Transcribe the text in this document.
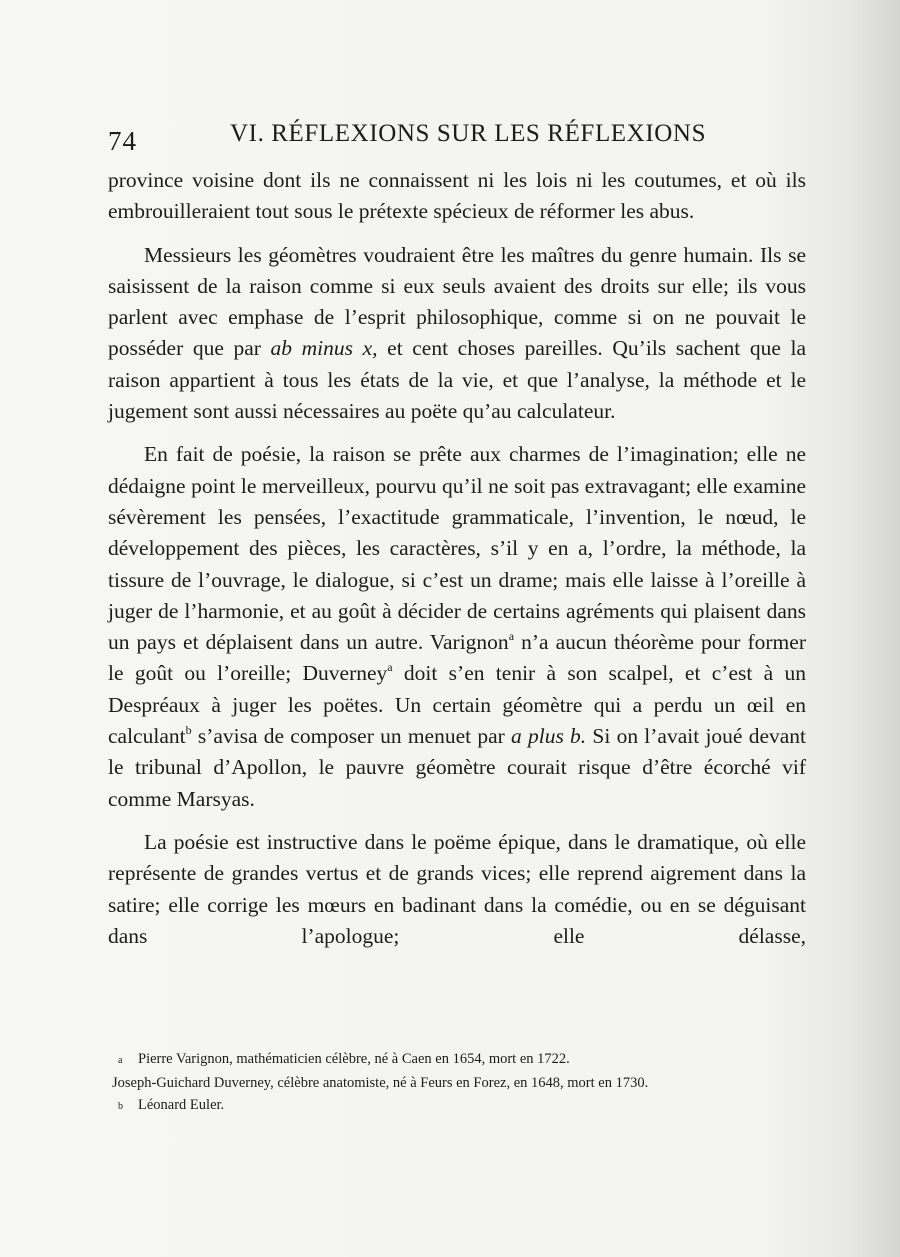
74	VI. RÉFLEXIONS SUR LES RÉFLEXIONS

province voisine dont ils ne connaissent ni les lois ni les coutumes, et où ils embrouilleraient tout sous le prétexte spécieux de réformer les abus.

Messieurs les géomètres voudraient être les maîtres du genre humain. Ils se saisissent de la raison comme si eux seuls avaient des droits sur elle; ils vous parlent avec emphase de l’esprit philosophique, comme si on ne pouvait le posséder que par ab minus x, et cent choses pareilles. Qu’ils sachent que la raison appartient à tous les états de la vie, et que l’analyse, la méthode et le jugement sont aussi nécessaires au poëte qu’au calculateur.

En fait de poésie, la raison se prête aux charmes de l’imagination; elle ne dédaigne point le merveilleux, pourvu qu’il ne soit pas extravagant; elle examine sévèrement les pensées, l’exactitude grammaticale, l’invention, le nœud, le développement des pièces, les caractères, s’il y en a, l’ordre, la méthode, la tissure de l’ouvrage, le dialogue, si c’est un drame; mais elle laisse à l’oreille à juger de l’harmonie, et au goût à décider de certains agréments qui plaisent dans un pays et déplaisent dans un autre. Varignon$^a$ n’a aucun théorème pour former le goût ou l’oreille; Duverney$^a$ doit s’en tenir à son scalpel, et c’est à un Despréaux à juger les poëtes. Un certain géomètre qui a perdu un œil en calculant$^b$ s’avisa de composer un menuet par a plus b. Si on l’avait joué devant le tribunal d’Apollon, le pauvre géomètre courait risque d’être écorché vif comme Marsyas.

La poésie est instructive dans le poëme épique, dans le dramatique, où elle représente de grandes vertus et de grands vices; elle reprend aigrement dans la satire; elle corrige les mœurs en badinant dans la comédie, ou en se déguisant dans l’apologue; elle délasse,

a Pierre Varignon, mathématicien célèbre, né à Caen en 1654, mort en 1722.

Joseph-Guichard Duverney, célèbre anatomiste, né à Feurs en Forez, en 1648, mort en 1730.

b Léonard Euler.
